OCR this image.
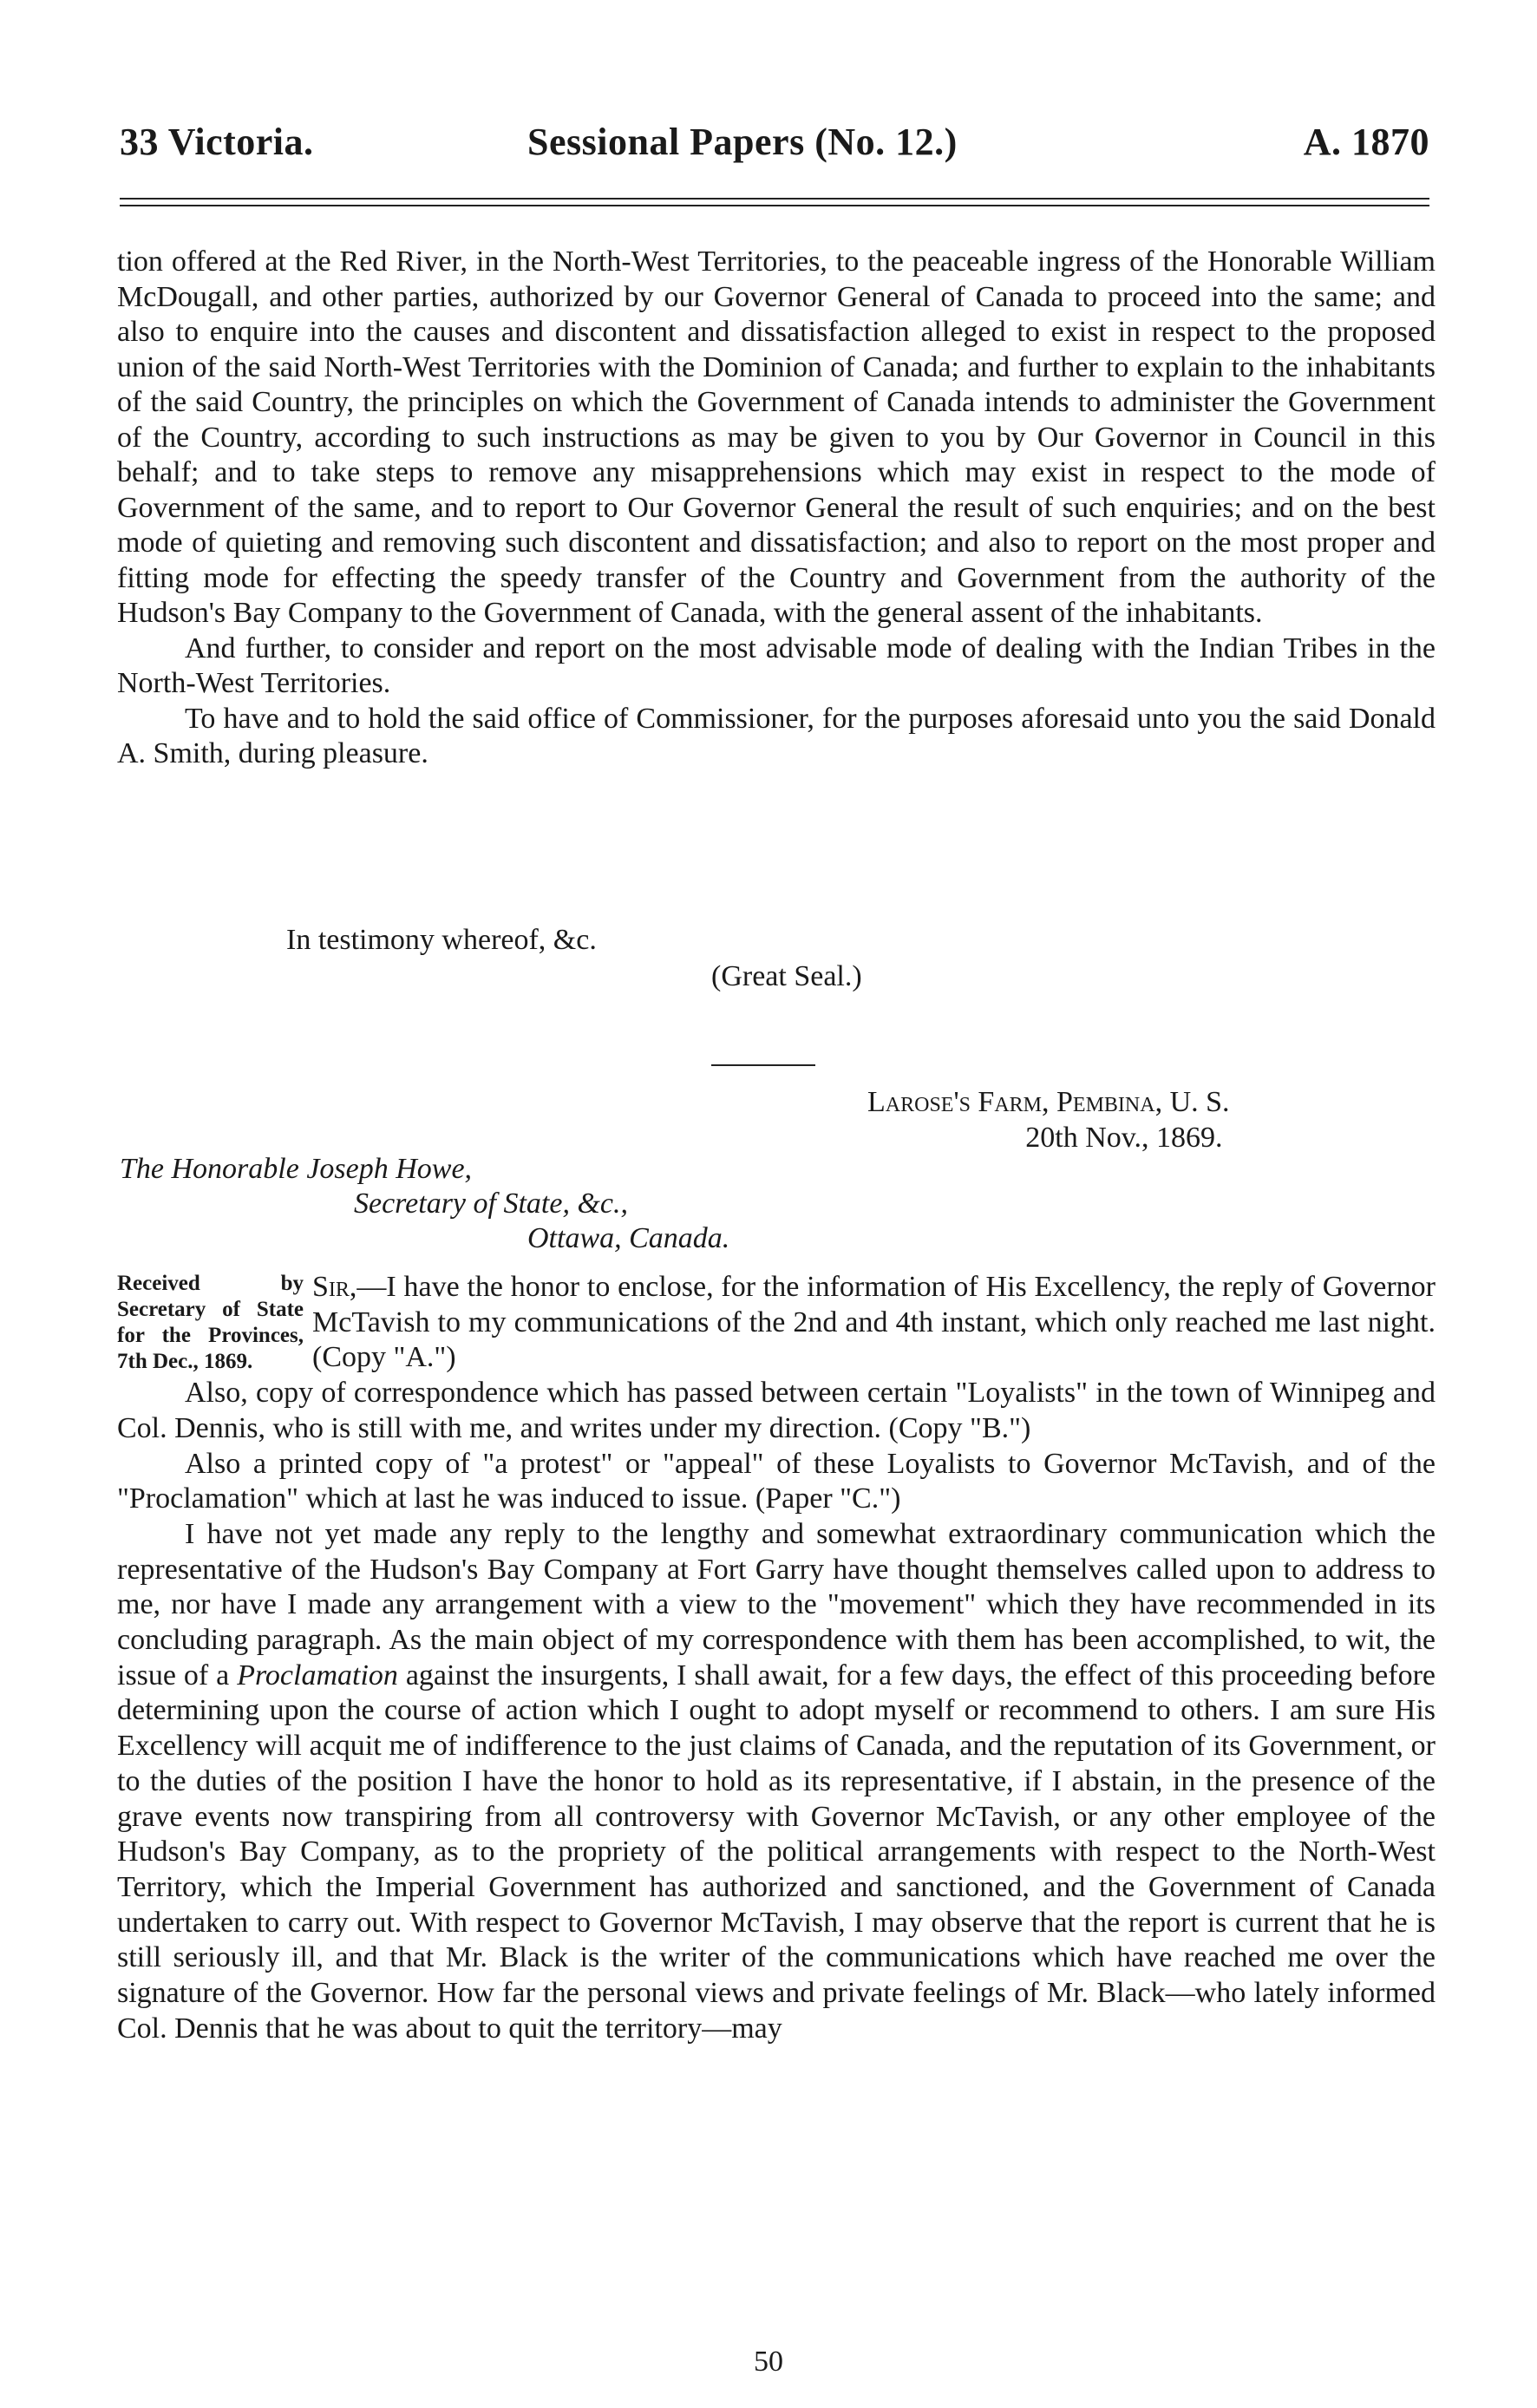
33 Victoria.	Sessional Papers (No. 12.)	A. 1870

tion offered at the Red River, in the North-West Territories, to the peaceable ingress of the Honorable William McDougall, and other parties, authorized by our Governor General of Canada to proceed into the same; and also to enquire into the causes and discontent and dissatisfaction alleged to exist in respect to the proposed union of the said North-West Territories with the Dominion of Canada; and further to explain to the inhabitants of the said Country, the principles on which the Government of Canada intends to administer the Government of the Country, according to such instructions as may be given to you by Our Governor in Council in this behalf; and to take steps to remove any misapprehensions which may exist in respect to the mode of Government of the same, and to report to Our Governor General the result of such enquiries; and on the best mode of quieting and removing such discontent and dissatisfaction; and also to report on the most proper and fitting mode for effecting the speedy transfer of the Country and Government from the authority of the Hudson's Bay Company to the Government of Canada, with the general assent of the inhabitants.

And further, to consider and report on the most advisable mode of dealing with the Indian Tribes in the North-West Territories.

To have and to hold the said office of Commissioner, for the purposes aforesaid unto you the said Donald A. Smith, during pleasure.

In testimony whereof, &c.
(Great Seal.)
Larose's Farm, Pembina, U. S.
20th Nov., 1869.
The Honorable Joseph Howe,
Secretary of State, &c.,
Ottawa, Canada.
Received by Secretary of State for the Provinces, 7th Dec., 1869.

Sir,—I have the honor to enclose, for the information of His Excellency, the reply of Governor McTavish to my communications of the 2nd and 4th instant, which only reached me last night. (Copy "A.")

Also, copy of correspondence which has passed between certain "Loyalists" in the town of Winnipeg and Col. Dennis, who is still with me, and writes under my direction. (Copy "B.")

Also a printed copy of "a protest" or "appeal" of these Loyalists to Governor McTavish, and of the "Proclamation" which at last he was induced to issue. (Paper "C.")

I have not yet made any reply to the lengthy and somewhat extraordinary communication which the representative of the Hudson's Bay Company at Fort Garry have thought themselves called upon to address to me, nor have I made any arrangement with a view to the "movement" which they have recommended in its concluding paragraph. As the main object of my correspondence with them has been accomplished, to wit, the issue of a Proclamation against the insurgents, I shall await, for a few days, the effect of this proceeding before determining upon the course of action which I ought to adopt myself or recommend to others. I am sure His Excellency will acquit me of indifference to the just claims of Canada, and the reputation of its Government, or to the duties of the position I have the honor to hold as its representative, if I abstain, in the presence of the grave events now transpiring from all controversy with Governor McTavish, or any other employee of the Hudson's Bay Company, as to the propriety of the political arrangements with respect to the North-West Territory, which the Imperial Government has authorized and sanctioned, and the Government of Canada undertaken to carry out. With respect to Governor McTavish, I may observe that the report is current that he is still seriously ill, and that Mr. Black is the writer of the communications which have reached me over the signature of the Governor. How far the personal views and private feelings of Mr. Black—who lately informed Col. Dennis that he was about to quit the territory—may

50
